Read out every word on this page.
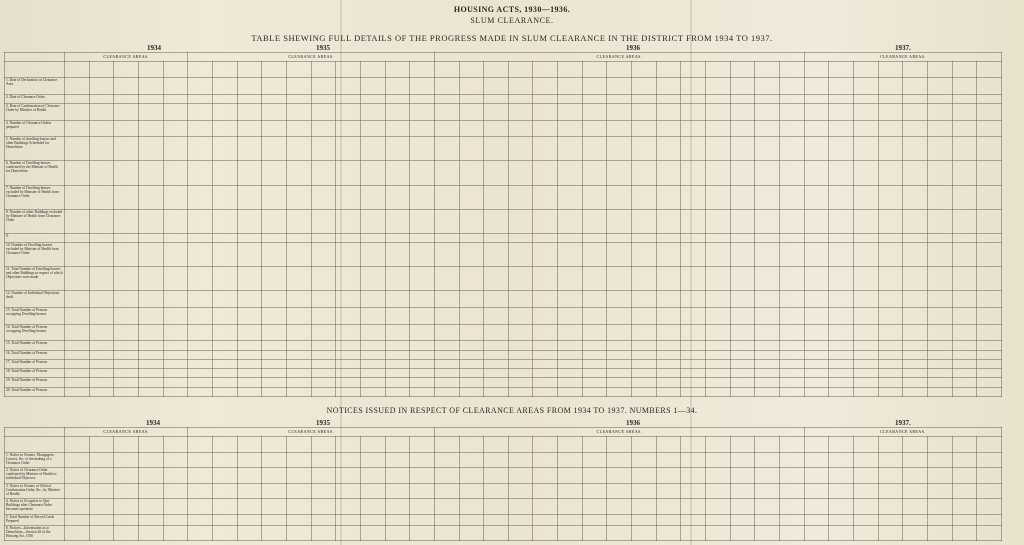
HOUSING ACTS, 1930—1936.
SLUM CLEARANCE.
TABLE SHEWING FULL DETAILS OF THE PROGRESS MADE IN SLUM CLEARANCE IN THE DISTRICT FROM 1934 TO 1937.
1934	1935	1936	1937.
	CLEARANCE AREAS.					CLEARANCE AREAS.										CLEARANCE AREAS.															CLEARANCE AREAS.							

1. Date of Declaration of Clearance Area																																						
2. Date of Clearance Order																																						
3. Date of Confirmation of Clearance Order by Minister of Health																																						
4. Number of Clearance Orders prepared																																						
5. Number of dwelling-houses and other Buildings Scheduled for Demolition																																						
6. Number of Dwelling-houses confirmed by the Minister of Health for Demolition																																						
7. Number of Dwelling-houses excluded by Minister of Health from Clearance Order																																						
8. Number of other Buildings excluded by Minister of Health from Clearance Order																																						
9.																																						
10. Number of Dwelling-houses excluded by Minister of Health from Clearance Order																																						
11. Total Number of Dwelling-houses and other Buildings in respect of which Objections were made																																						
12. Number of Individual Objections dealt																																						
13. Total Number of Persons occupying Dwelling-houses																																						
14. Total Number of Persons occupying Dwelling-houses																																						
15. Total Number of Persons																																						
16. Total Number of Persons																																						
17. Total Number of Persons																																						
18. Total Number of Persons																																						
19. Total Number of Persons																																						
20. Total Number of Persons																																						
NOTICES ISSUED IN RESPECT OF CLEARANCE AREAS FROM 1934 TO 1937. NUMBERS 1—34.
1934	1935	1936	1937.
	CLEARANCE AREAS.					CLEARANCE AREAS.										CLEARANCE AREAS.															CLEARANCE AREAS.							

1. Notice to Owners, Mortgagees, Lessees, &c. of the making of a Clearance Order																																						
2. Notice of Clearance Order confirmed by Minister of Health to individual Objectors																																						
3. Notice to Owners of Official Confirmation Order, &c., by Minister of Health																																						
4. Notice to Occupiers to Quit Buildings after Clearance Order becomes operative																																						
5. Total Number of Record Cards Prepared																																						
6. Notices—Information as to Demolition—Section 26 of the Housing Act, 1936																																						
